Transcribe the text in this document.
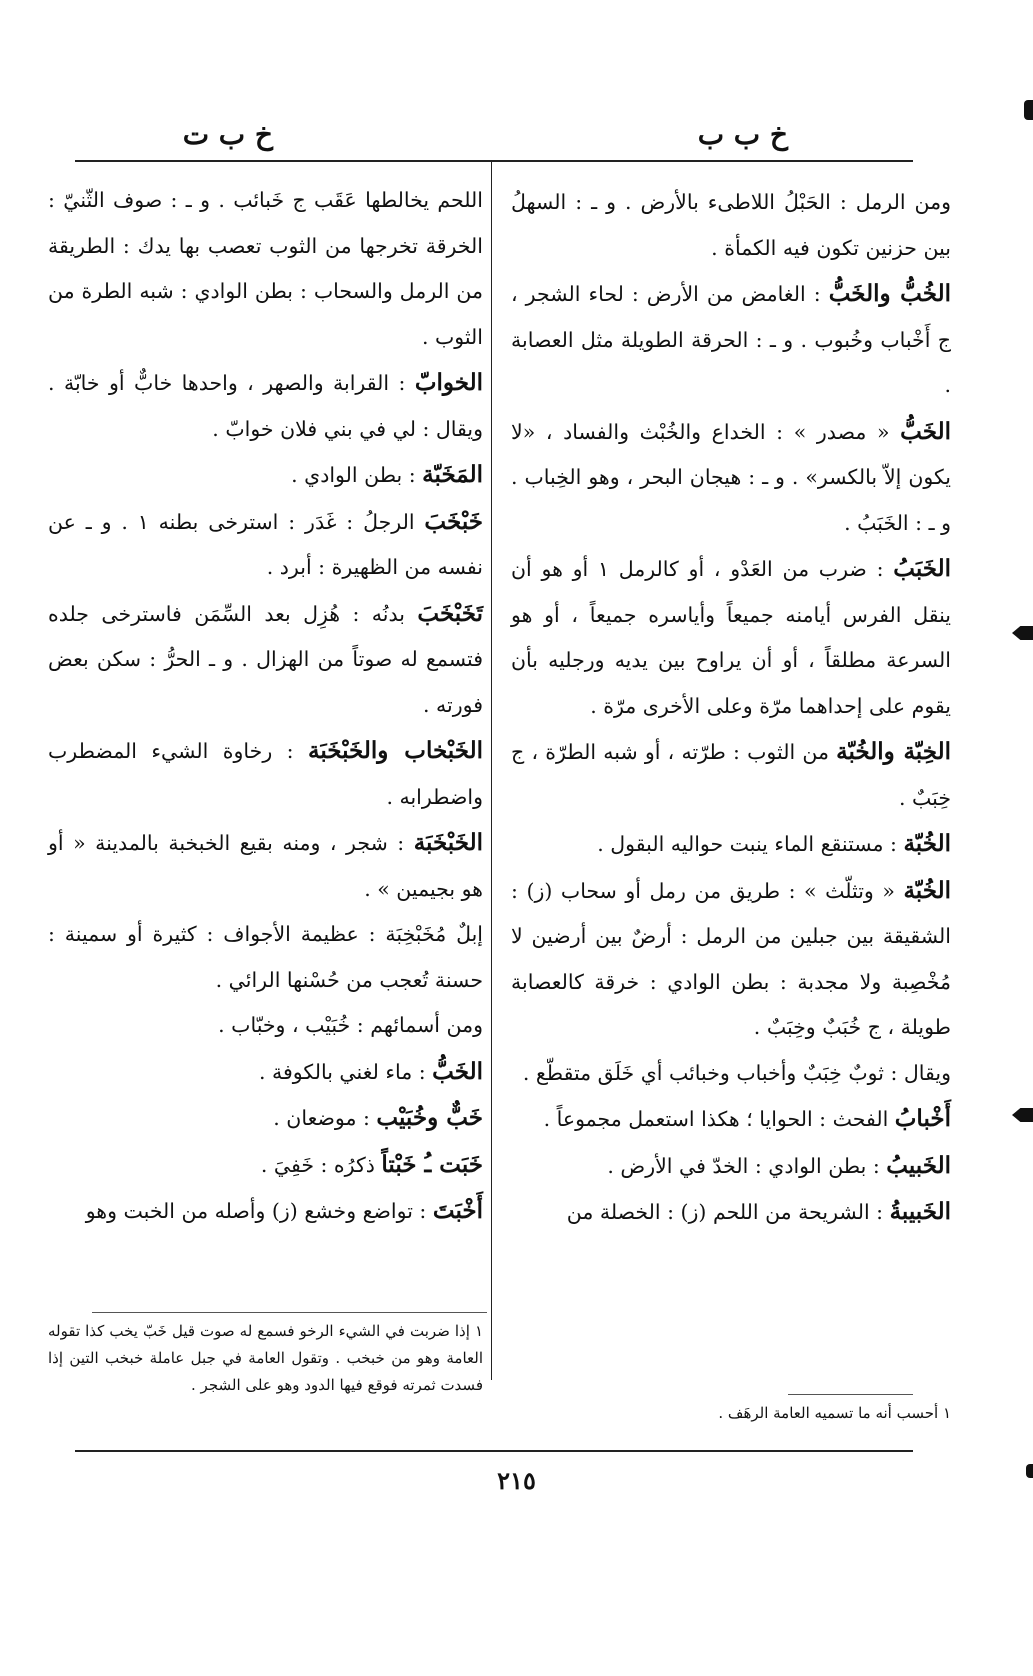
خ ب ب
خ ب ت

ومن الرمل : الحَبْلُ اللاطىء بالأرض . و ـ : السهلُ بين حزنين تكون فيه الكمأة .

الخُبُّ والخَبُّ : الغامض من الأرض : لحاء الشجر ، ج أَخْباب وخُبوب . و ـ : الحرقة الطويلة مثل العصابة .

الخَبُّ « مصدر » : الخداع والخُبْث والفساد ، «لا يكون إلاّ بالكسر» . و ـ : هيجان البحر ، وهو الخِباب . و ـ : الخَبَبُ .

الخَبَبُ : ضرب من العَدْو ، أو كالرمل ١ أو هو أن ينقل الفرس أيامنه جميعاً وأياسره جميعاً ، أو هو السرعة مطلقاً ، أو أن يراوح بين يديه ورجليه بأن يقوم على إحداهما مرّة وعلى الأخرى مرّة .

الخِبّة والخُبّة من الثوب : طرّته ، أو شبه الطرّة ، ج خِبَبٌ .

الخُبّة : مستنقع الماء ينبت حواليه البقول .

الخُبّة « وتثلّث » : طريق من رمل أو سحاب (ز) : الشقيقة بين جبلين من الرمل : أرضٌ بين أرضين لا مُخْصِبة ولا مجدبة : بطن الوادي : خرقة كالعصابة طويلة ، ج خُبَبٌ وخِبَبٌ .

ويقال : ثوبٌ خِبَبٌ وأخباب وخبائب أي خَلَق متقطّع .

أَخْبابُ الفحث : الحوايا ؛ هكذا استعمل مجموعاً .

الخَبيبُ : بطن الوادي : الخدّ في الأرض .

الخَبيبةُ : الشريحة من اللحم (ز) : الخصلة من

اللحم يخالطها عَقَب ج خَبائب . و ـ : صوف الثّنيّ : الخرقة تخرجها من الثوب تعصب بها يدك : الطريقة من الرمل والسحاب : بطن الوادي : شبه الطرة من الثوب .

الخوابّ : القرابة والصهر ، واحدها خابٌّ أو خابّة . ويقال : لي في بني فلان خوابّ .

المَخَبّة : بطن الوادي .

خَبْخَبَ الرجلُ : غَدَر : استرخى بطنه ١ . و ـ عن نفسه من الظهيرة : أبرد .

تَخَبْخَبَ بدنُه : هُزِل بعد السِّمَن فاسترخى جلده فتسمع له صوتاً من الهزال . و ـ الحرُّ : سكن بعض فورته .

الخَبْخاب والخَبْخَبَة : رخاوة الشيء المضطرب واضطرابه .

الخَبْخَبَة : شجر ، ومنه بقيع الخبخبة بالمدينة « أو هو بجيمين » .

إبلٌ مُخَبْخِبَة : عظيمة الأجواف : كثيرة أو سمينة : حسنة تُعجب من حُسْنها الرائي .

ومن أسمائهم : خُبَيْب ، وخبّاب .

الخَبُّ : ماء لغني بالكوفة .

خَبٌّ وخُبَيْب : موضعان .

خَبَت ـُ خَبْتاً ذكرُه : خَفِيَ .

أَخْبَتَ : تواضع وخشع (ز) وأصله من الخبت وهو

١ إذا ضربت في الشيء الرخو فسمع له صوت قيل خَبّ يخب كذا تقوله العامة وهو من خبخب . وتقول العامة في جبل عاملة خبخب التين إذا فسدت ثمرته فوقع فيها الدود وهو على الشجر .
١ أحسب أنه ما تسميه العامة الرهَف .
٢١٥
